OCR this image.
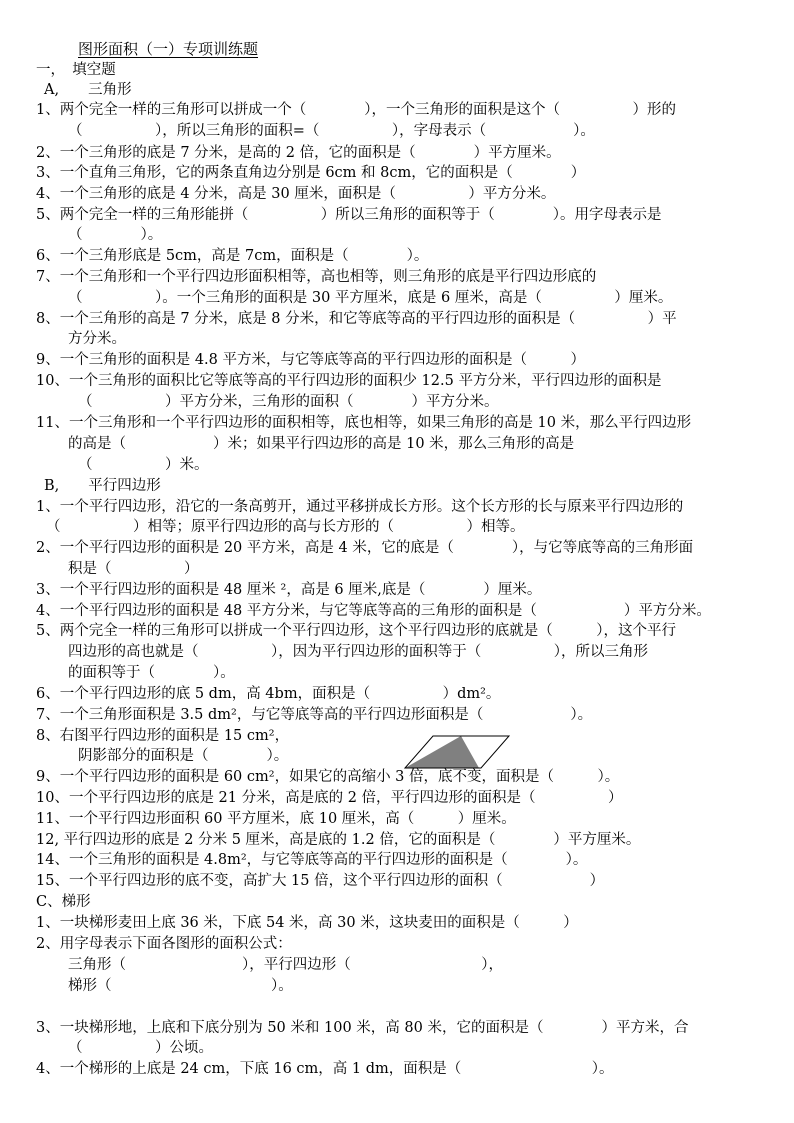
图形面积（一）专项训练题
一，　填空题
A,　　三角形
1、两个完全一样的三角形可以拼成一个（　　　　），一个三角形的面积是这个（　　　　　）形的
（　　　　　），所以三角形的面积=（　　　　　），字母表示（　　　　　　）。
2、一个三角形的底是 7 分米，是高的 2 倍，它的面积是（　　　　）平方厘米。
3、一个直角三角形，它的两条直角边分别是 6cm 和 8cm，它的面积是（　　　　）
4、一个三角形的底是 4 分米，高是 30 厘米，面积是（　　　　　）平方分米。
5、两个完全一样的三角形能拼（　　　　　）所以三角形的面积等于（　　　　）。用字母表示是
（　　　　）。
6、一个三角形底是 5cm，高是 7cm，面积是（　　　　）。
7、一个三角形和一个平行四边形面积相等，高也相等，则三角形的底是平行四边形底的
（　　　　　）。一个三角形的面积是 30 平方厘米，底是 6 厘米，高是（　　　　　）厘米。
8、一个三角形的高是 7 分米，底是 8 分米，和它等底等高的平行四边形的面积是（　　　　　）平
方分米。
9、一个三角形的面积是 4.8 平方米，与它等底等高的平行四边形的面积是（　　　）
10、一个三角形的面积比它等底等高的平行四边形的面积少 12.5 平方分米，平行四边形的面积是
（　　　　　）平方分米，三角形的面积（　　　　）平方分米。
11、一个三角形和一个平行四边形的面积相等，底也相等，如果三角形的高是 10 米，那么平行四边形
的高是（　　　　　　）米；如果平行四边形的高是 10 米，那么三角形的高是
（　　　　　）米。
B,　　平行四边形
1、一个平行四边形，沿它的一条高剪开，通过平移拼成长方形。这个长方形的长与原来平行四边形的
（　　　　　）相等；原平行四边形的高与长方形的（　　　　　）相等。
2、一个平行四边形的面积是 20 平方米，高是 4 米，它的底是（　　　　），与它等底等高的三角形面
积是（　　　　　）
3、一个平行四边形的面积是 48 厘米 ²，高是 6 厘米,底是（　　　　）厘米。
4、一个平行四边形的面积是 48 平方分米，与它等底等高的三角形的面积是（　　　　　　）平方分米。
5、两个完全一样的三角形可以拼成一个平行四边形，这个平行四边形的底就是（　　　），这个平行
四边形的高也就是（　　　　　），因为平行四边形的面积等于（　　　　　），所以三角形
的面积等于（　　　　）。
6、一个平行四边形的底 5 dm，高 4bm，面积是（　　　　　）dm²。
7、一个三角形面积是 3.5 dm²，与它等底等高的平行四边形面积是（　　　　　　）。
8、右图平行四边形的面积是 15 cm²，
阴影部分的面积是（　　　　）。
9、一个平行四边形的面积是 60 cm²，如果它的高缩小 3 倍，底不变，面积是（　　　）。
10、一个平行四边形的底是 21 分米，高是底的 2 倍，平行四边形的面积是（　　　　　）
11、一个平行四边形面积 60 平方厘米，底 10 厘米，高（　　　）厘米。
12, 平行四边形的底是 2 分米 5 厘米，高是底的 1.2 倍，它的面积是（　　　　）平方厘米。
14、一个三角形的面积是 4.8m²，与它等底等高的平行四边形的面积是（　　　　）。
15、一个平行四边形的底不变，高扩大 15 倍，这个平行四边形的面积（　　　　　　）
C、梯形
1、一块梯形麦田上底 36 米，下底 54 米，高 30 米，这块麦田的面积是（　　　）
2、用字母表示下面各图形的面积公式：
三角形（　　　　　　　　），平行四边形（　　　　　　　　　），
梯形（　　　　　　　　　　　）。
3、一块梯形地，上底和下底分别为 50 米和 100 米，高 80 米，它的面积是（　　　　）平方米，合
（　　　　　）公顷。
4、一个梯形的上底是 24 cm，下底 16 cm，高 1 dm，面积是（　　　　　　　　　）。
